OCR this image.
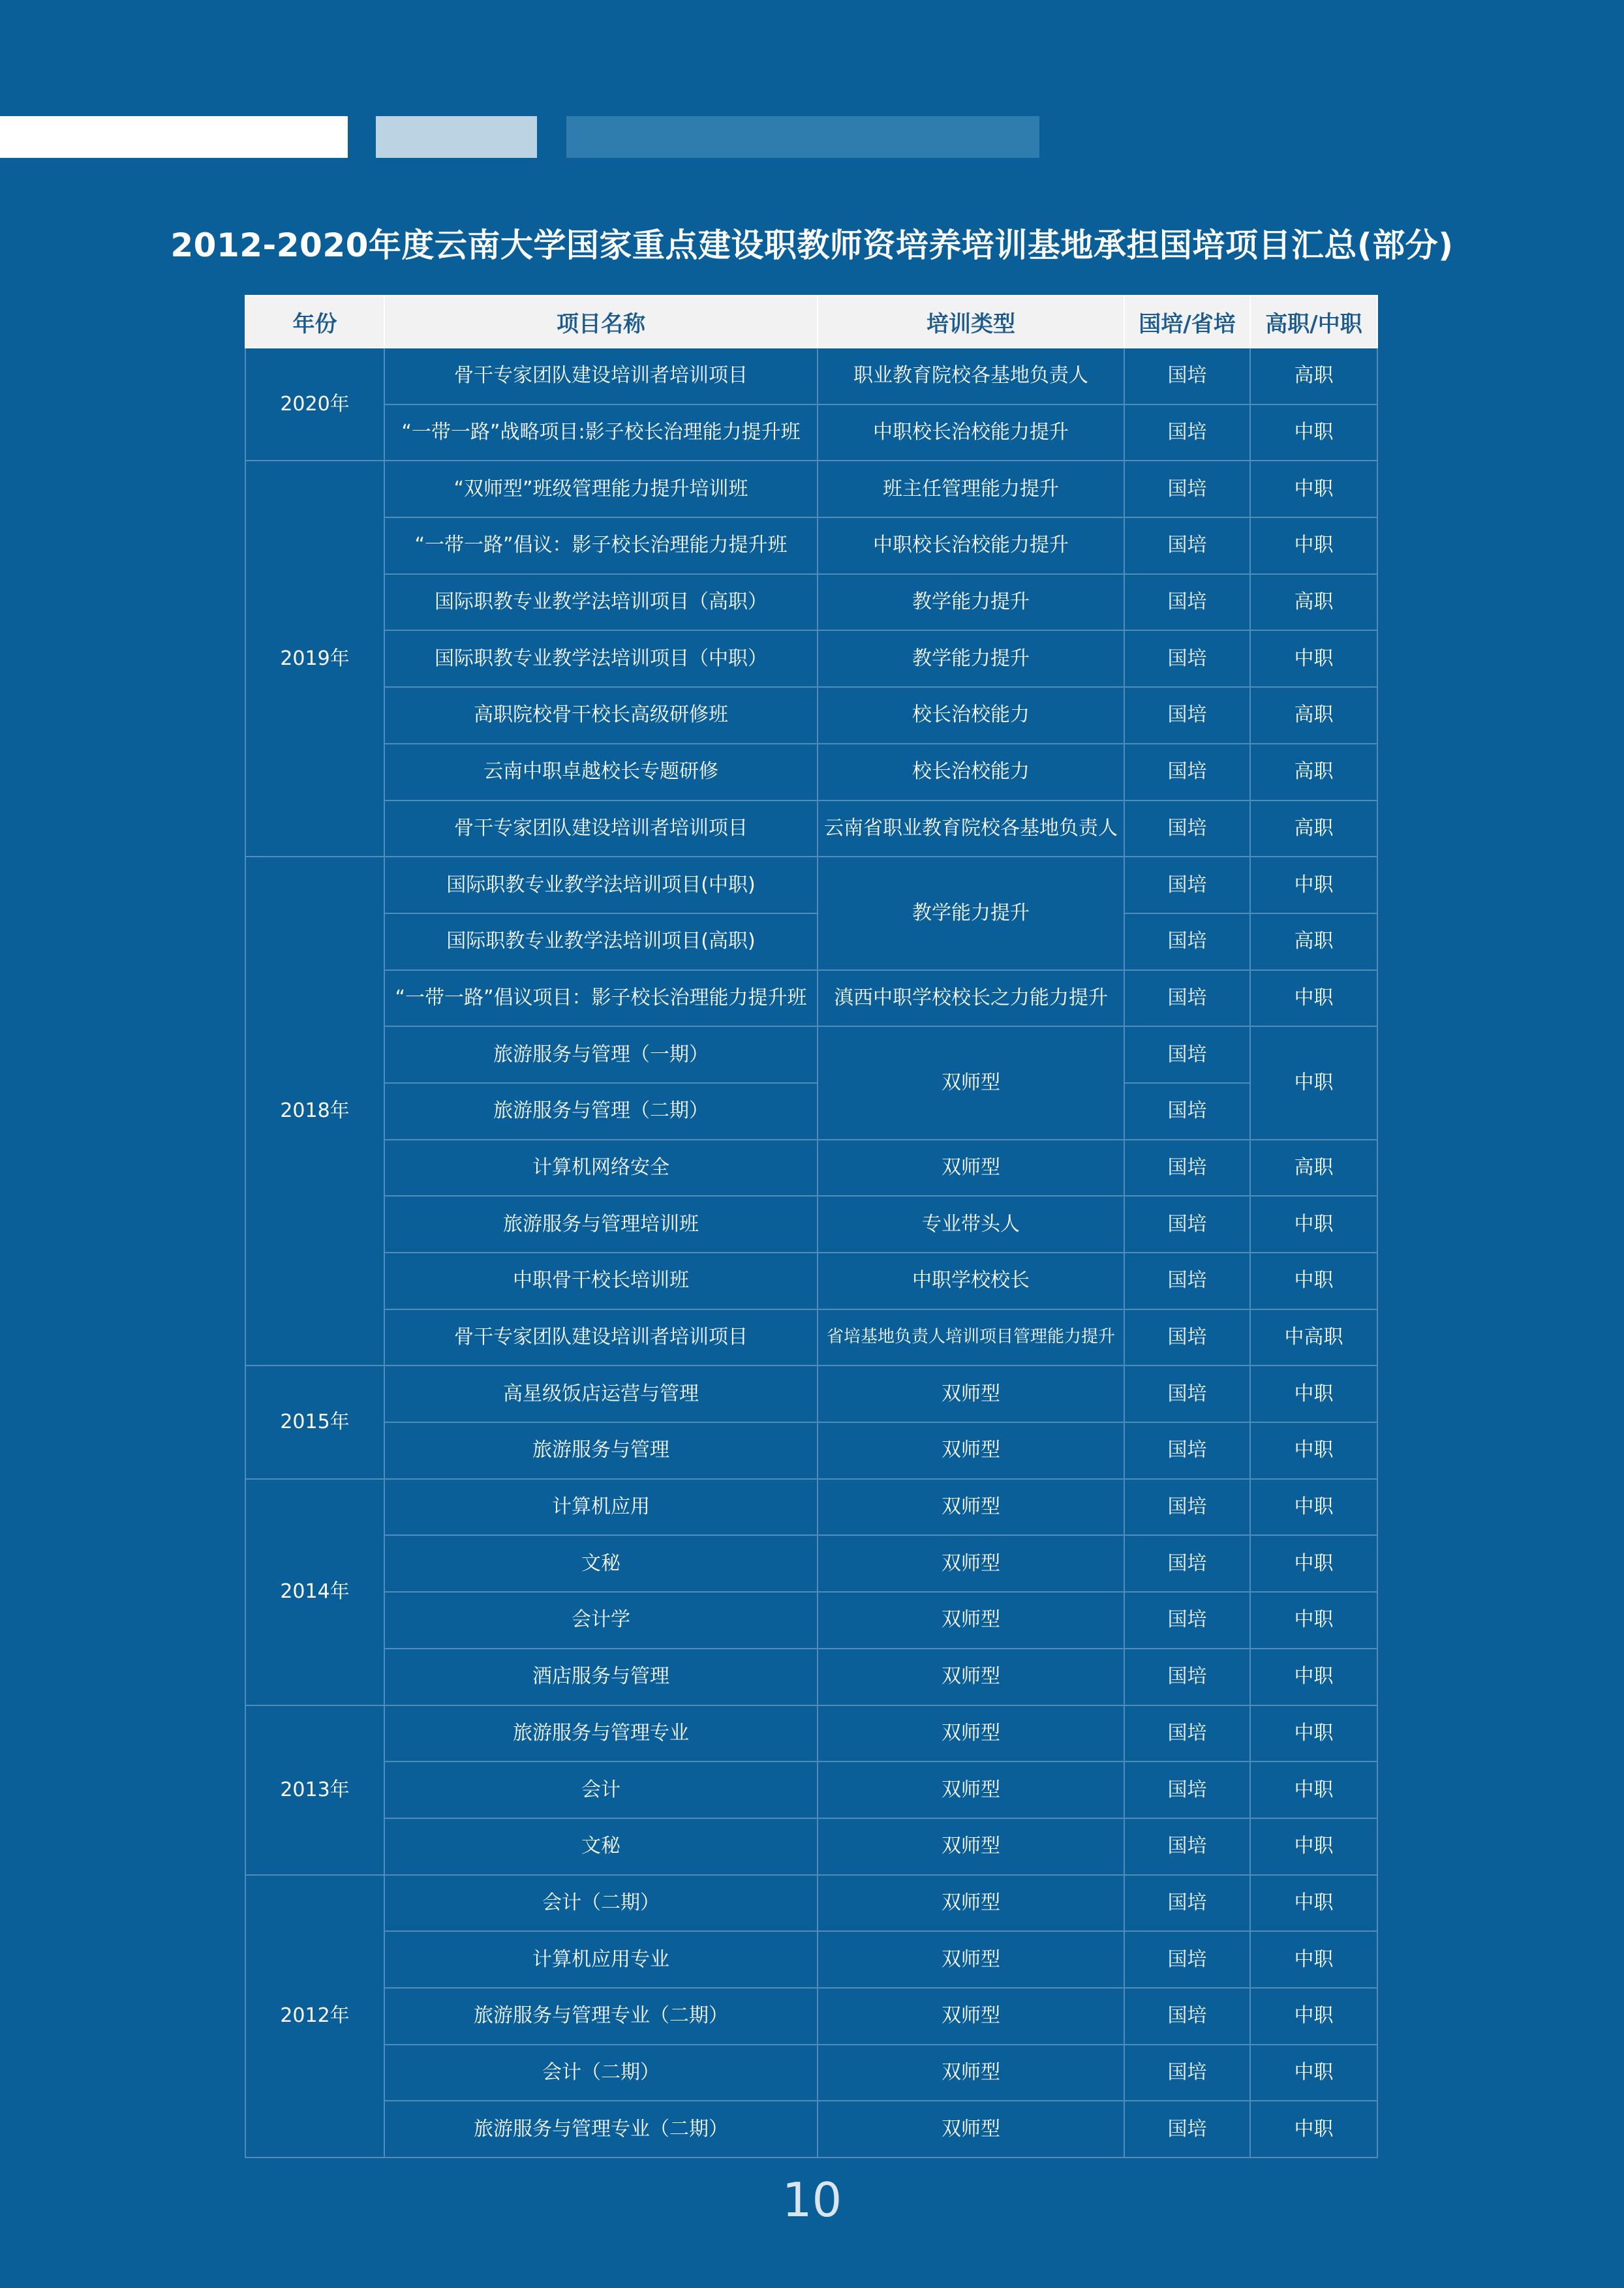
2012-2020年度云南大学国家重点建设职教师资培养培训基地承担国培项目汇总(部分)
年份	项目名称	培训类型	国培/省培	高职/中职
2020年	骨干专家团队建设培训者培训项目	职业教育院校各基地负责人	国培	高职
	“一带一路”战略项目:影子校长治理能力提升班	中职校长治校能力提升	国培	中职
2019年	“双师型”班级管理能力提升培训班	班主任管理能力提升	国培	中职
	“一带一路”倡议：影子校长治理能力提升班	中职校长治校能力提升	国培	中职
	国际职教专业教学法培训项目（高职）	教学能力提升	国培	高职
	国际职教专业教学法培训项目（中职）	教学能力提升	国培	中职
	高职院校骨干校长高级研修班	校长治校能力	国培	高职
	云南中职卓越校长专题研修	校长治校能力	国培	高职
	骨干专家团队建设培训者培训项目	云南省职业教育院校各基地负责人	国培	高职
2018年	国际职教专业教学法培训项目(中职)	教学能力提升	国培	中职
	国际职教专业教学法培训项目(高职)		国培	高职
	“一带一路”倡议项目：影子校长治理能力提升班	滇西中职学校校长之力能力提升	国培	中职
	旅游服务与管理（一期）	双师型	国培	中职
	旅游服务与管理（二期）		国培	
	计算机网络安全	双师型	国培	高职
	旅游服务与管理培训班	专业带头人	国培	中职
	中职骨干校长培训班	中职学校校长	国培	中职
	骨干专家团队建设培训者培训项目	省培基地负责人培训项目管理能力提升	国培	中高职
2015年	高星级饭店运营与管理	双师型	国培	中职
	旅游服务与管理	双师型	国培	中职
2014年	计算机应用	双师型	国培	中职
	文秘	双师型	国培	中职
	会计学	双师型	国培	中职
	酒店服务与管理	双师型	国培	中职
2013年	旅游服务与管理专业	双师型	国培	中职
	会计	双师型	国培	中职
	文秘	双师型	国培	中职
2012年	会计（二期）	双师型	国培	中职
	计算机应用专业	双师型	国培	中职
	旅游服务与管理专业（二期）	双师型	国培	中职
	会计（二期）	双师型	国培	中职
	旅游服务与管理专业（二期）	双师型	国培	中职
10
